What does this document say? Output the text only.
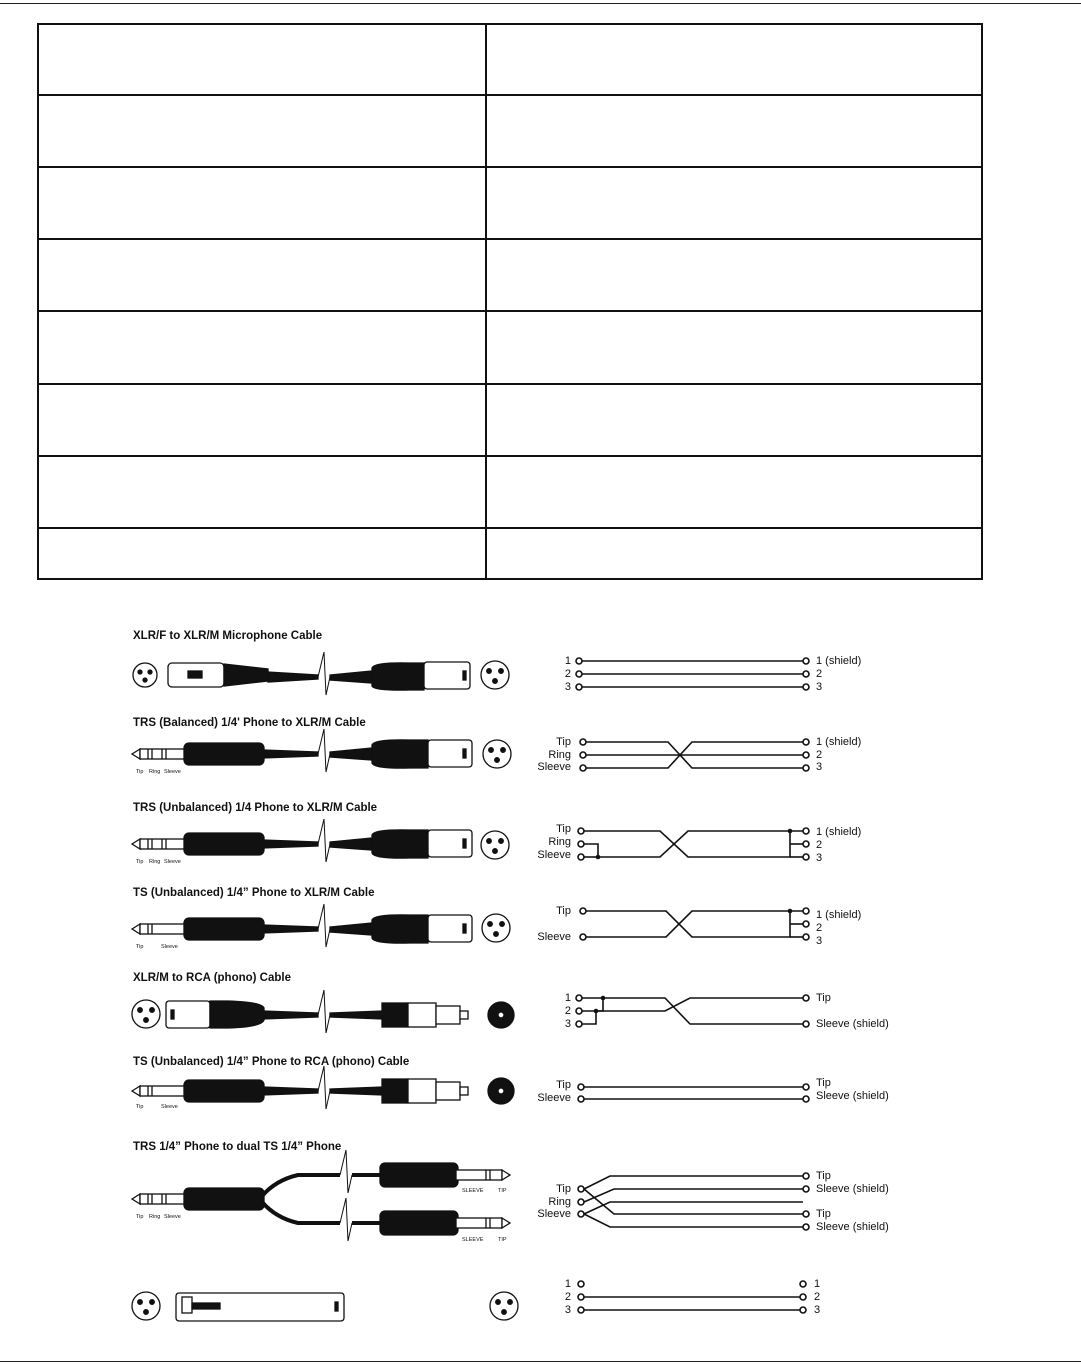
XLR/F to XLR/M Microphone Cable
1
2
3
1 (shield)
2
3
TRS (Balanced) 1/4' Phone to XLR/M Cable
Tip Ring Sleeve
Tip
Ring
Sleeve
1 (shield)
2
3
TRS (Unbalanced) 1/4 Phone to XLR/M Cable
Tip Ring Sleeve
Tip
Ring
Sleeve
1 (shield)
2
3
TS (Unbalanced) 1/4” Phone to XLR/M Cable
Tip	Sleeve
Tip
Sleeve
1 (shield)
2
3
XLR/M to RCA (phono) Cable
1
2
3
Tip
Sleeve (shield)
TS (Unbalanced) 1/4” Phone to RCA (phono) Cable
Tip	Sleeve
Tip
Sleeve
Tip
Sleeve (shield)
TRS 1/4” Phone to dual TS 1/4” Phone
Tip Ring Sleeve
SLEEVE	TIP
SLEEVE	TIP
Tip
Ring
Sleeve
Tip
Sleeve (shield)
Tip
Sleeve (shield)
1
2
3
1
2
3
